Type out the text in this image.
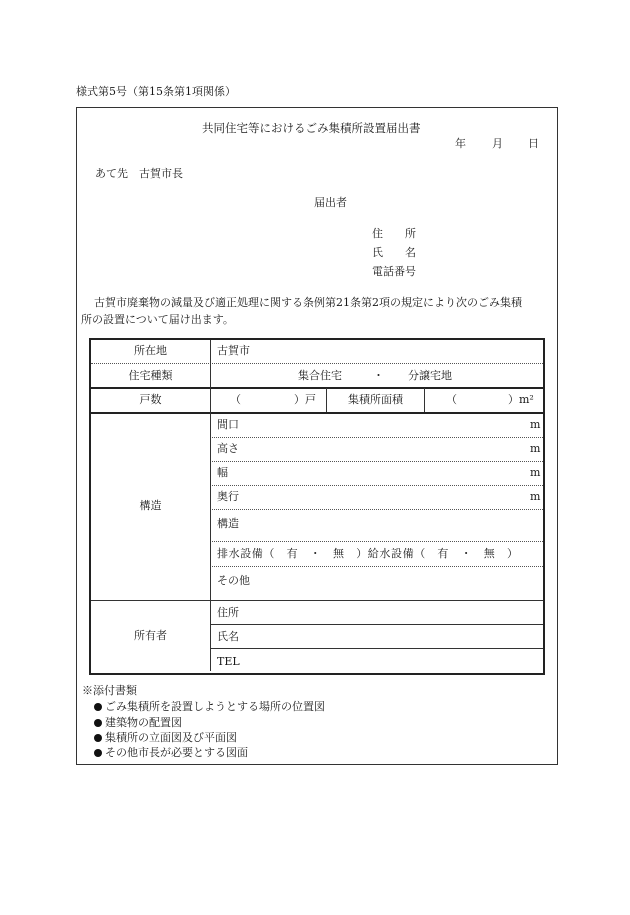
様式第5号（第15条第1項関係）
共同住宅等におけるごみ集積所設置届出書
年 月 日
あて先　古賀市長
届出者
住　　所
氏　　名
電話番号
古賀市廃棄物の減量及び適正処理に関する条例第21条第2項の規定により次のごみ集積
所の設置について届け出ます。
所在地	古賀市
住宅種類	集合住宅	・ 分譲宅地
戸数	（	）戸	集積所面積	（	）m²
構造
間口	m
高さ	m
幅	m
奥行	m
構造
排水設備（　有　・　無　）給水設備（　有　・　無　）
その他
所有者
住所
氏名
TEL
※添付書類
ごみ集積所を設置しようとする場所の位置図
建築物の配置図
集積所の立面図及び平面図
その他市長が必要とする図面
